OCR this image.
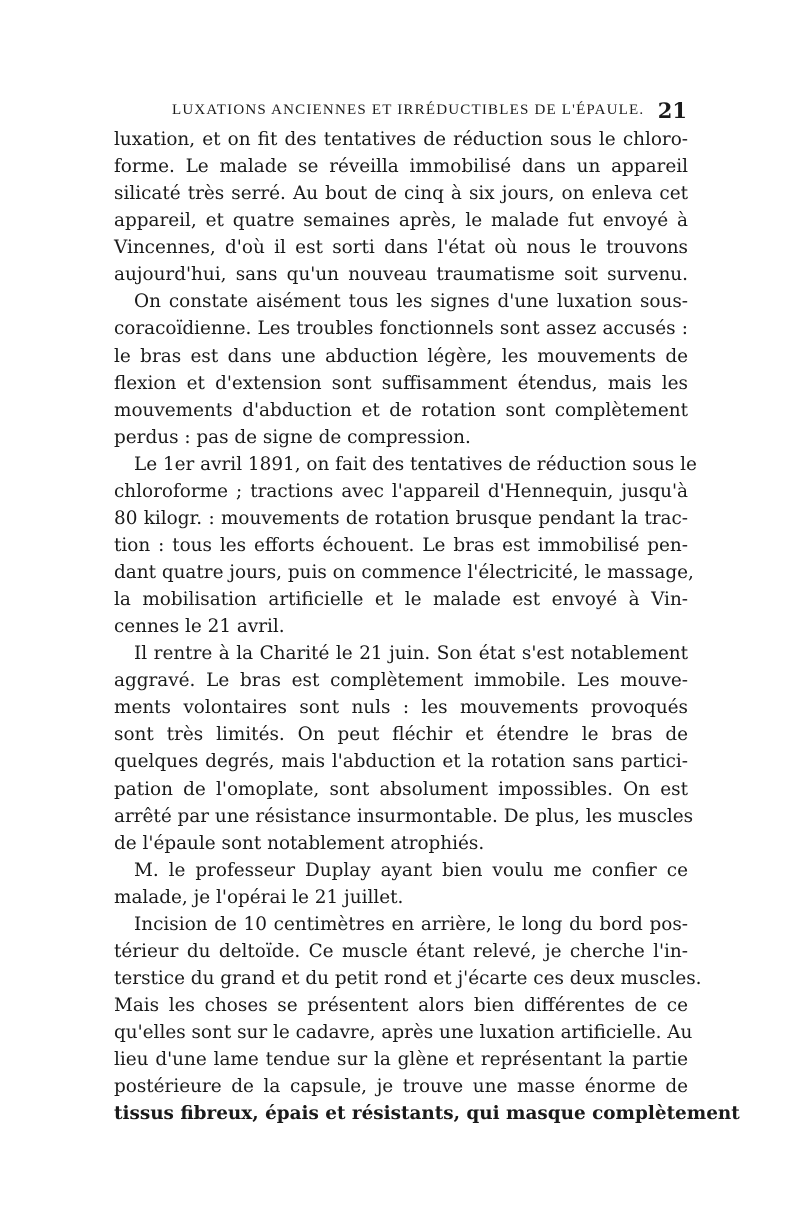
LUXATIONS ANCIENNES ET IRRÉDUCTIBLES DE L'ÉPAULE. 21
luxation, et on fit des tentatives de réduction sous le chloro-
forme. Le malade se réveilla immobilisé dans un appareil
silicaté très serré. Au bout de cinq à six jours, on enleva cet
appareil, et quatre semaines après, le malade fut envoyé à
Vincennes, d'où il est sorti dans l'état où nous le trouvons
aujourd'hui, sans qu'un nouveau traumatisme soit survenu.
On constate aisément tous les signes d'une luxation sous-
coracoïdienne. Les troubles fonctionnels sont assez accusés :
le bras est dans une abduction légère, les mouvements de
flexion et d'extension sont suffisamment étendus, mais les
mouvements d'abduction et de rotation sont complètement
perdus : pas de signe de compression.
Le 1er avril 1891, on fait des tentatives de réduction sous le
chloroforme ; tractions avec l'appareil d'Hennequin, jusqu'à
80 kilogr. : mouvements de rotation brusque pendant la trac-
tion : tous les efforts échouent. Le bras est immobilisé pen-
dant quatre jours, puis on commence l'électricité, le massage,
la mobilisation artificielle et le malade est envoyé à Vin-
cennes le 21 avril.
Il rentre à la Charité le 21 juin. Son état s'est notablement
aggravé. Le bras est complètement immobile. Les mouve-
ments volontaires sont nuls : les mouvements provoqués
sont très limités. On peut fléchir et étendre le bras de
quelques degrés, mais l'abduction et la rotation sans partici-
pation de l'omoplate, sont absolument impossibles. On est
arrêté par une résistance insurmontable. De plus, les muscles
de l'épaule sont notablement atrophiés.
M. le professeur Duplay ayant bien voulu me confier ce
malade, je l'opérai le 21 juillet.
Incision de 10 centimètres en arrière, le long du bord pos-
térieur du deltoïde. Ce muscle étant relevé, je cherche l'in-
terstice du grand et du petit rond et j'écarte ces deux muscles.
Mais les choses se présentent alors bien différentes de ce
qu'elles sont sur le cadavre, après une luxation artificielle. Au
lieu d'une lame tendue sur la glène et représentant la partie
postérieure de la capsule, je trouve une masse énorme de
tissus fibreux, épais et résistants, qui masque complètement
